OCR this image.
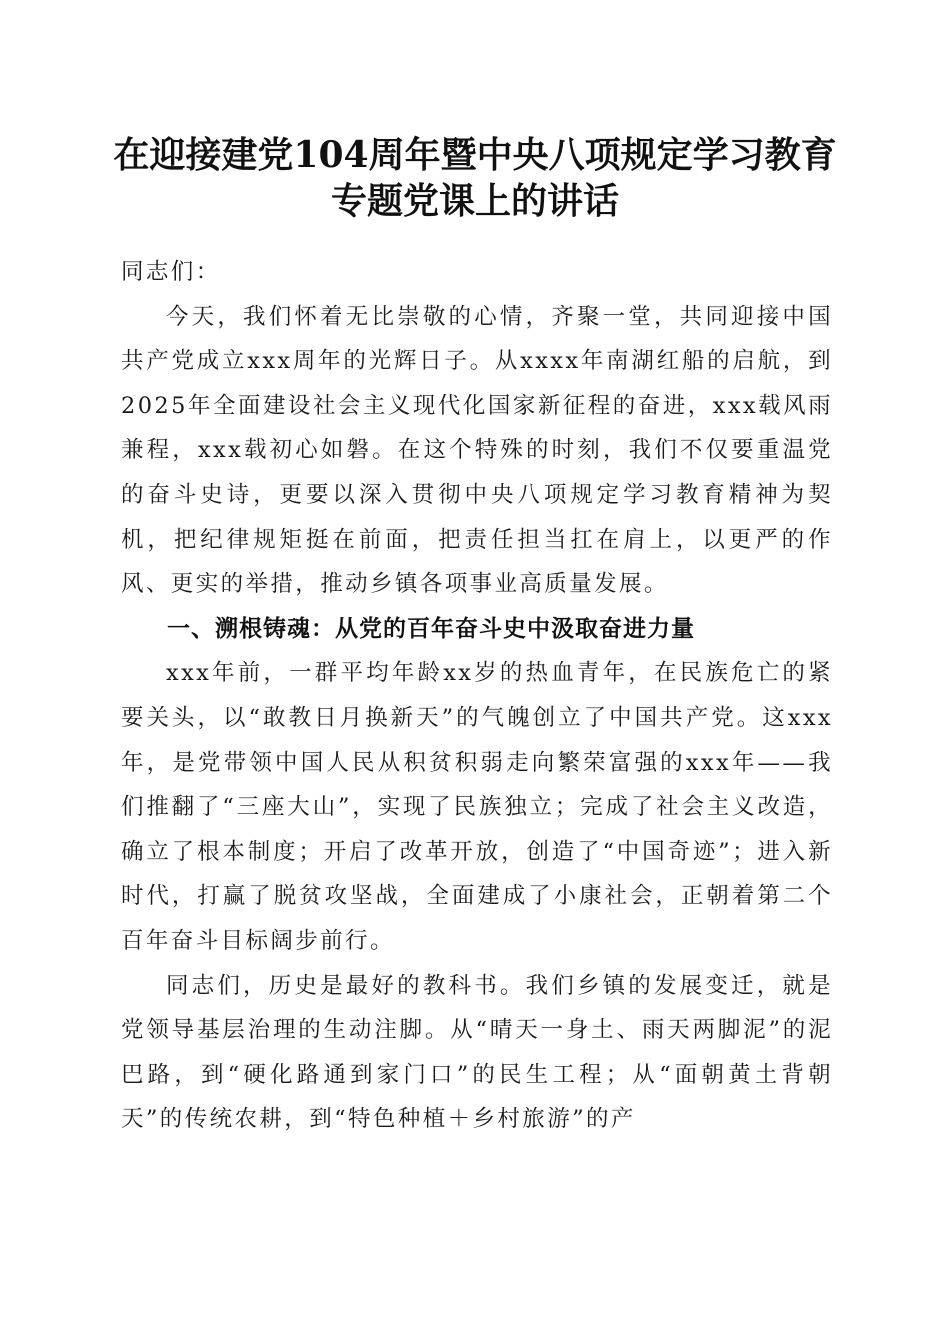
在迎接建党104周年暨中央八项规定学习教育
专题党课上的讲话

同志们：

今天，我们怀着无比崇敬的心情，齐聚一堂，共同迎接中国共产党成立xxx周年的光辉日子。从xxxx年南湖红船的启航，到2025年全面建设社会主义现代化国家新征程的奋进，xxx载风雨兼程，xxx载初心如磐。在这个特殊的时刻，我们不仅要重温党的奋斗史诗，更要以深入贯彻中央八项规定学习教育精神为契机，把纪律规矩挺在前面，把责任担当扛在肩上，以更严的作风、更实的举措，推动乡镇各项事业高质量发展。

一、溯根铸魂：从党的百年奋斗史中汲取奋进力量

xxx年前，一群平均年龄xx岁的热血青年，在民族危亡的紧要关头，以“敢教日月换新天”的气魄创立了中国共产党。这xxx年，是党带领中国人民从积贫积弱走向繁荣富强的xxx年——我们推翻了“三座大山”，实现了民族独立；完成了社会主义改造，确立了根本制度；开启了改革开放，创造了“中国奇迹”；进入新时代，打赢了脱贫攻坚战，全面建成了小康社会，正朝着第二个百年奋斗目标阔步前行。

同志们，历史是最好的教科书。我们乡镇的发展变迁，就是党领导基层治理的生动注脚。从“晴天一身土、雨天两脚泥”的泥巴路，到“硬化路通到家门口”的民生工程；从“面朝黄土背朝天”的传统农耕，到“特色种植＋乡村旅游”的产
